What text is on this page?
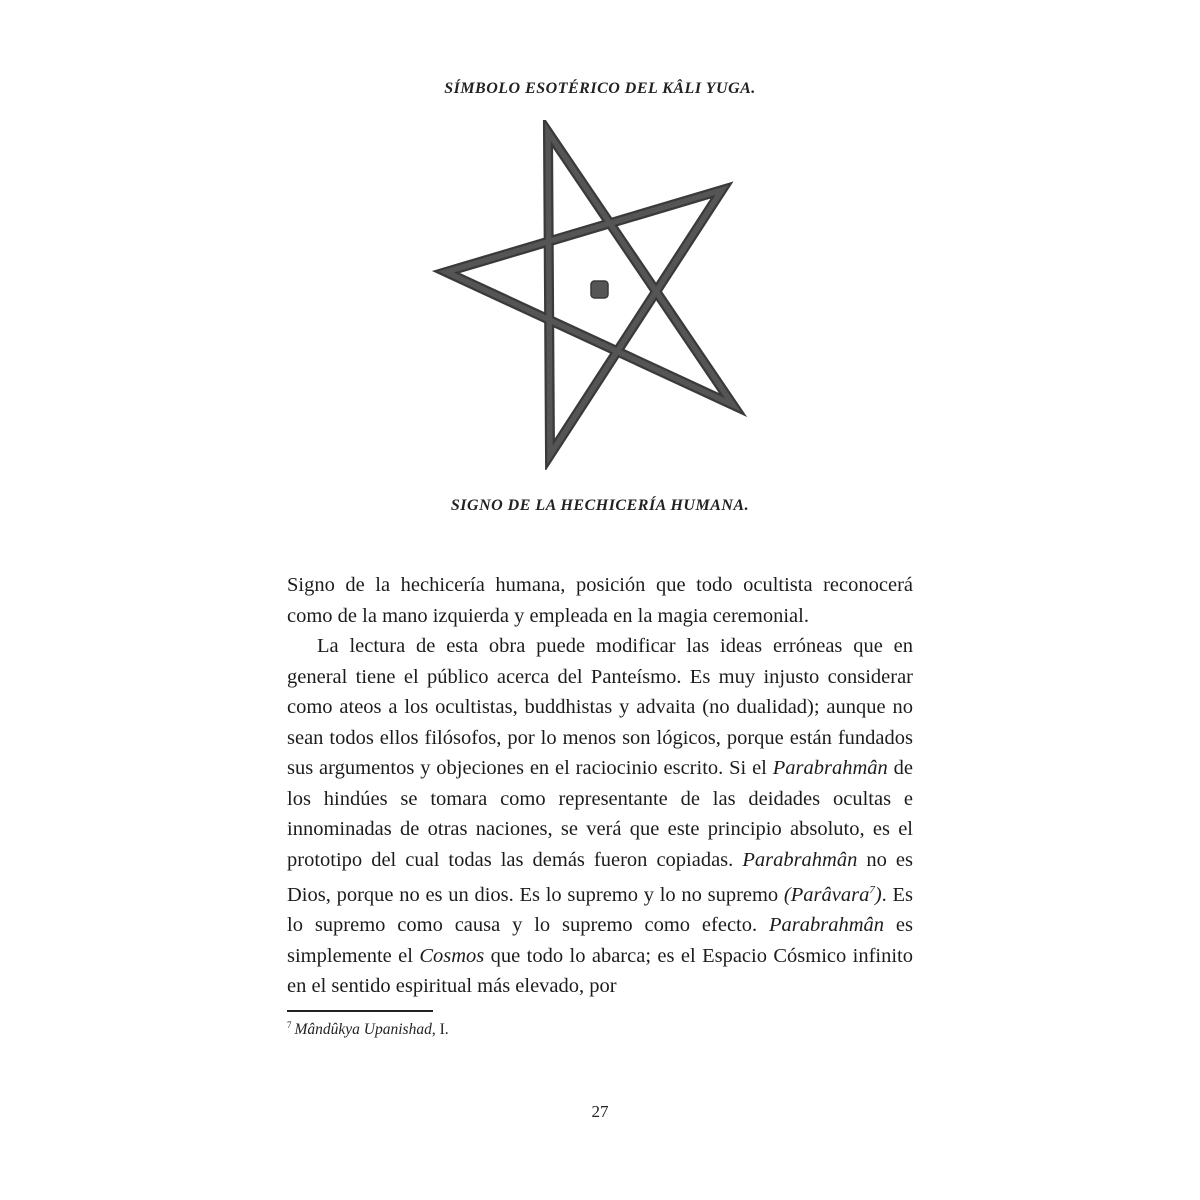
SÍMBOLO ESOTÉRICO DEL KÂLI YUGA.
SIGNO DE LA HECHICERÍA HUMANA.

Signo de la hechicería humana, posición que todo ocultista reconocerá como de la mano izquierda y empleada en la magia ceremonial.

La lectura de esta obra puede modificar las ideas erróneas que en general tiene el público acerca del Panteísmo. Es muy injusto considerar como ateos a los ocultistas, buddhistas y advaita (no dualidad); aunque no sean todos ellos filósofos, por lo menos son lógicos, porque están fundados sus argumentos y objeciones en el raciocinio escrito. Si el Parabrahmân de los hindúes se tomara como representante de las deidades ocultas e innominadas de otras naciones, se verá que este principio absoluto, es el prototipo del cual todas las demás fueron copiadas. Parabrahmân no es Dios, porque no es un dios. Es lo supremo y lo no supremo (Parâvara$^7$). Es lo supremo como causa y lo supremo como efecto. Parabrahmân es simplemente el Cosmos que todo lo abarca; es el Espacio Cósmico infinito en el sentido espiritual más elevado, por

$^7$ Mândûkya Upanishad, I.
27
